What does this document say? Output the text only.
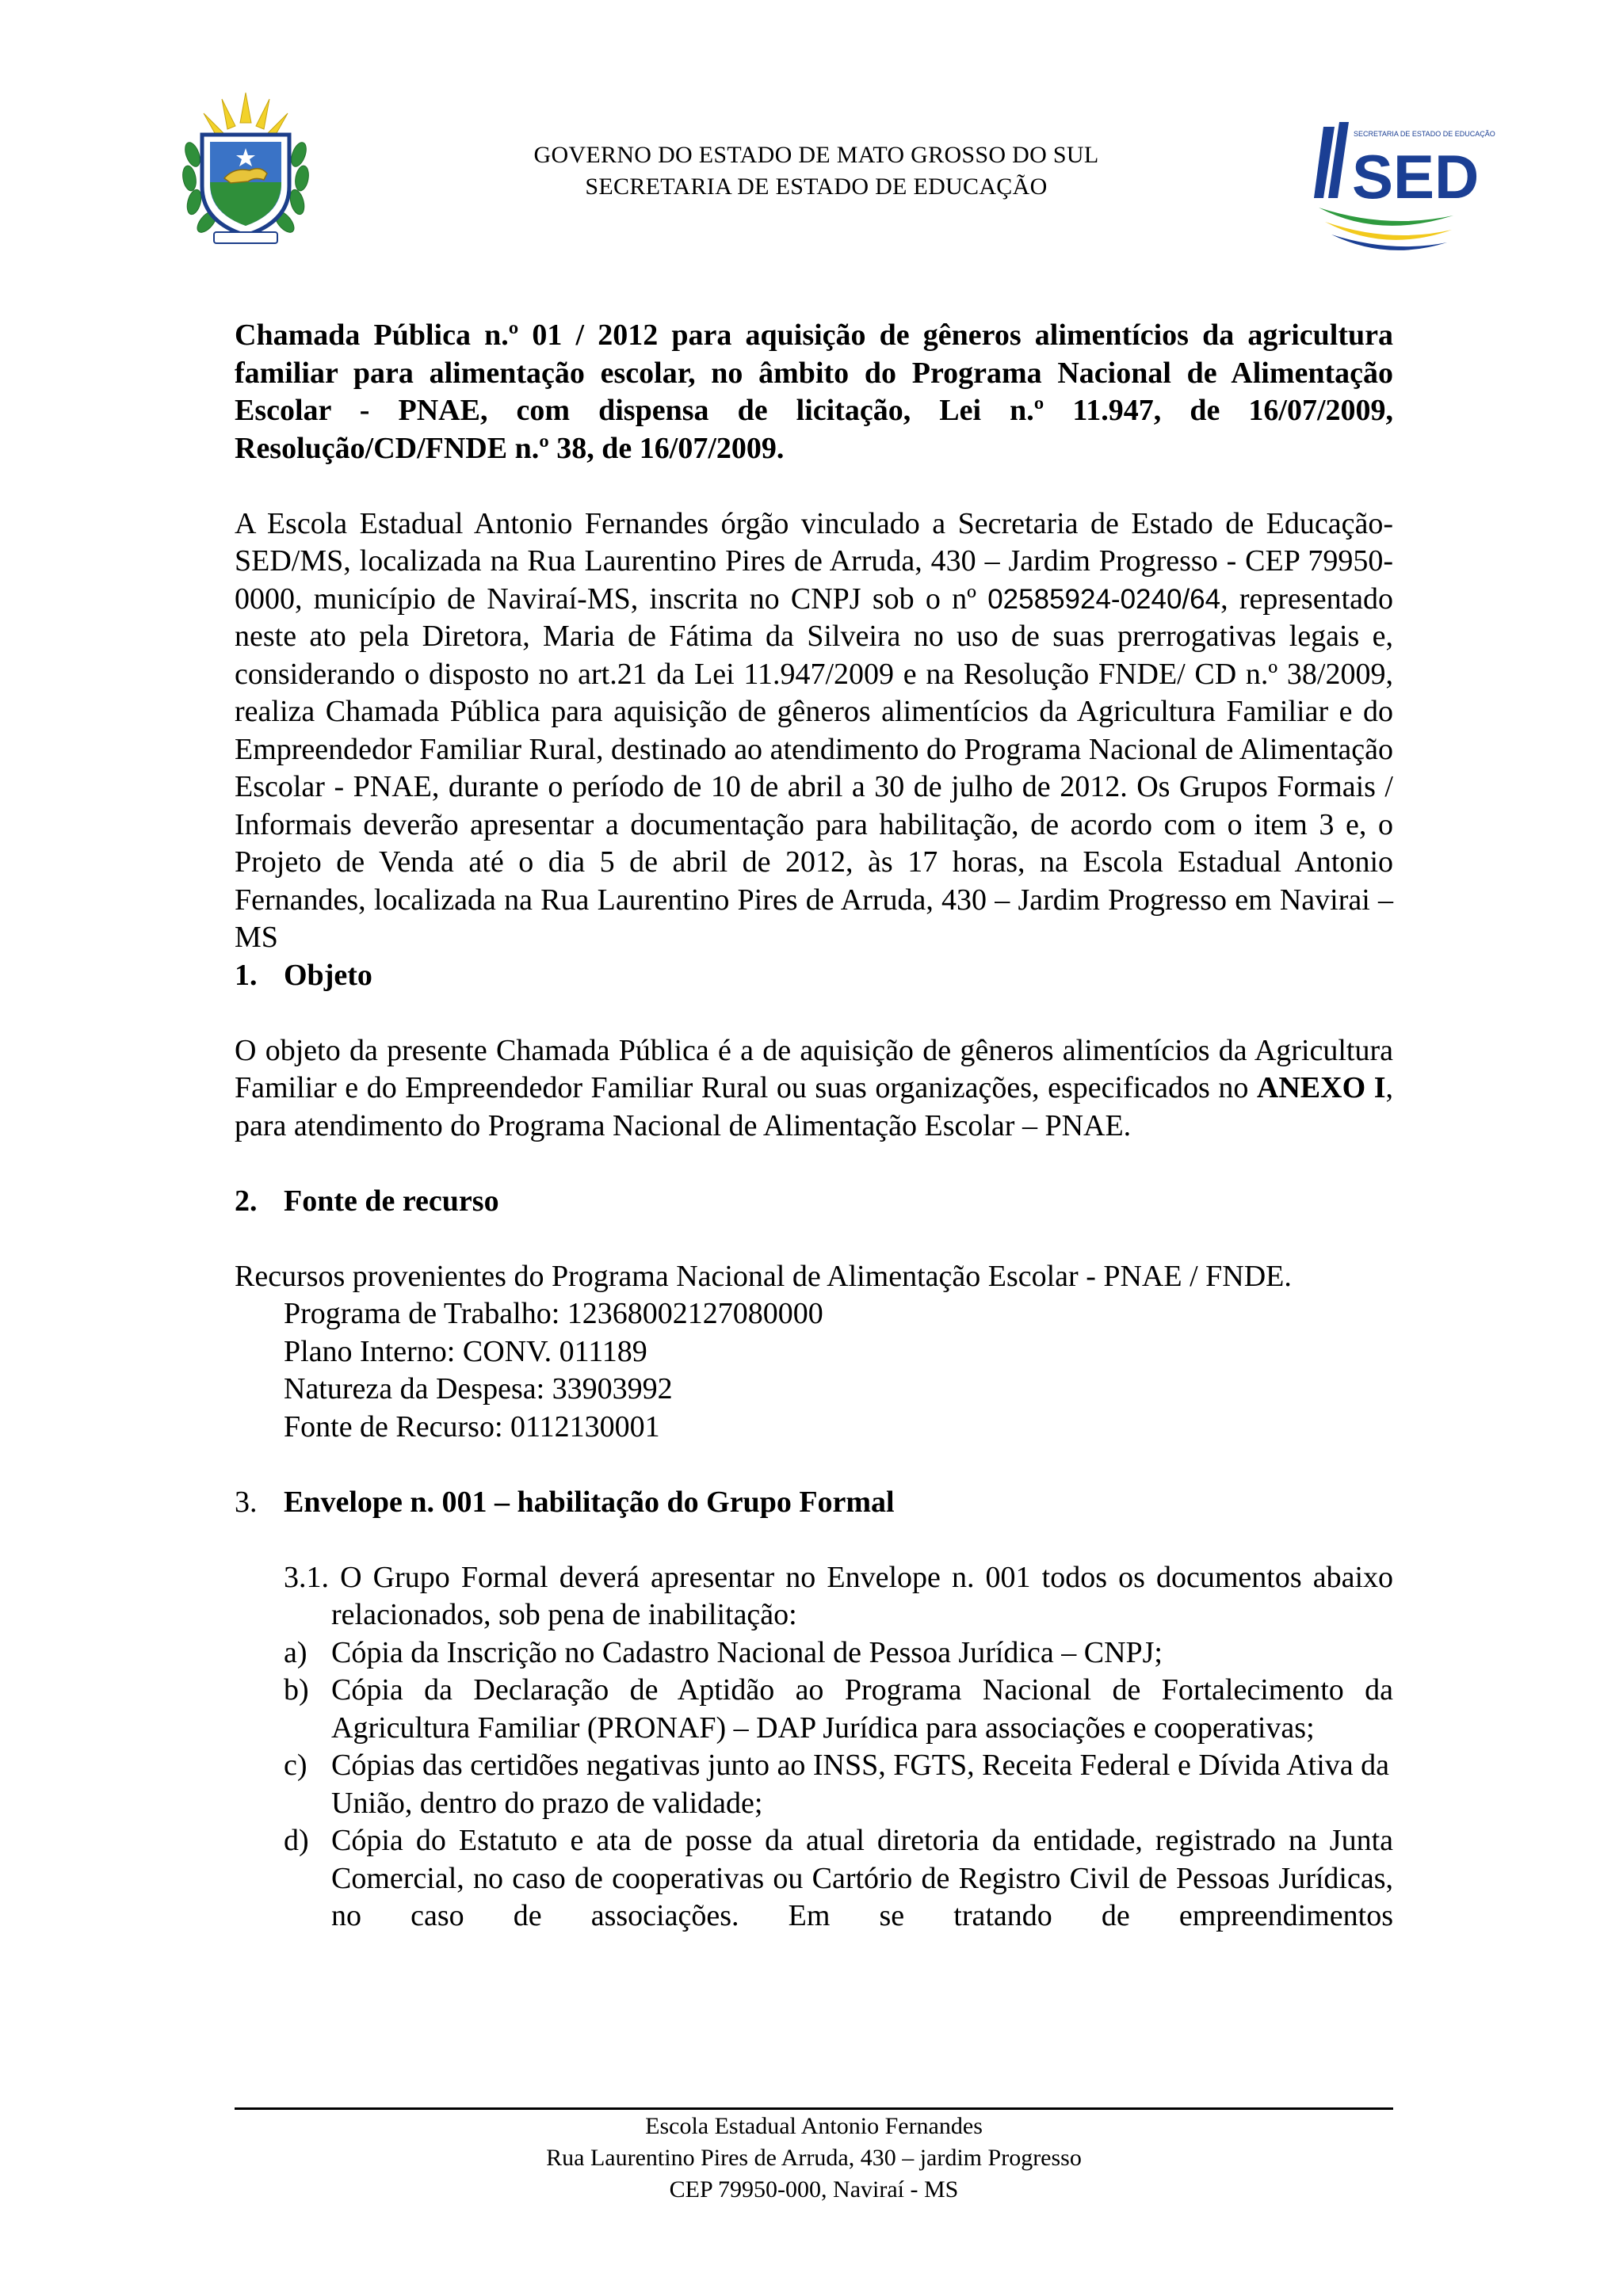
GOVERNO DO ESTADO DE MATO GROSSO DO SUL
SECRETARIA DE ESTADO DE EDUCAÇÃO
SECRETARIA DE ESTADO DE EDUCAÇÃO
SED

Chamada Pública n.º 01 / 2012 para aquisição de gêneros alimentícios da agricultura familiar para alimentação escolar, no âmbito do Programa Nacional de Alimentação Escolar - PNAE, com dispensa de licitação, Lei n.º 11.947, de 16/07/2009, Resolução/CD/FNDE n.º 38, de 16/07/2009.

A Escola Estadual Antonio Fernandes órgão vinculado a Secretaria de Estado de Educação-SED/MS, localizada na Rua Laurentino Pires de Arruda, 430 – Jardim Progresso - CEP 79950-0000, município de Naviraí-MS, inscrita no CNPJ sob o nº 02585924-0240/64, representado neste ato pela Diretora, Maria de Fátima da Silveira no uso de suas prerrogativas legais e, considerando o disposto no art.21 da Lei 11.947/2009 e na Resolução FNDE/ CD n.º 38/2009, realiza Chamada Pública para aquisição de gêneros alimentícios da Agricultura Familiar e do Empreendedor Familiar Rural, destinado ao atendimento do Programa Nacional de Alimentação Escolar - PNAE, durante o período de 10 de abril a 30 de julho de 2012. Os Grupos Formais / Informais deverão apresentar a documentação para habilitação, de acordo com o item 3 e, o Projeto de Venda até o dia 5 de abril de 2012, às 17 horas, na Escola Estadual Antonio Fernandes, localizada na Rua Laurentino Pires de Arruda, 430 – Jardim Progresso em Navirai – MS

1. Objeto

O objeto da presente Chamada Pública é a de aquisição de gêneros alimentícios da Agricultura Familiar e do Empreendedor Familiar Rural ou suas organizações, especificados no ANEXO I, para atendimento do Programa Nacional de Alimentação Escolar – PNAE.

2. Fonte de recurso

Recursos provenientes do Programa Nacional de Alimentação Escolar - PNAE / FNDE.

Programa de Trabalho: 12368002127080000

Plano Interno: CONV. 011189

Natureza da Despesa: 33903992

Fonte de Recurso: 0112130001

3. Envelope n. 001 – habilitação do Grupo Formal

3.1. O Grupo Formal deverá apresentar no Envelope n. 001 todos os documentos abaixo relacionados, sob pena de inabilitação:

a) Cópia da Inscrição no Cadastro Nacional de Pessoa Jurídica – CNPJ;
b) Cópia da Declaração de Aptidão ao Programa Nacional de Fortalecimento da Agricultura Familiar (PRONAF) – DAP Jurídica para associações e cooperativas;
c) Cópias das certidões negativas junto ao INSS, FGTS, Receita Federal e Dívida Ativa da União, dentro do prazo de validade;
d) Cópia do Estatuto e ata de posse da atual diretoria da entidade, registrado na Junta Comercial, no caso de cooperativas ou Cartório de Registro Civil de Pessoas Jurídicas, no caso de associações. Em se tratando de empreendimentos
Escola Estadual Antonio Fernandes
Rua Laurentino Pires de Arruda, 430 – jardim Progresso
CEP 79950-000, Naviraí - MS
